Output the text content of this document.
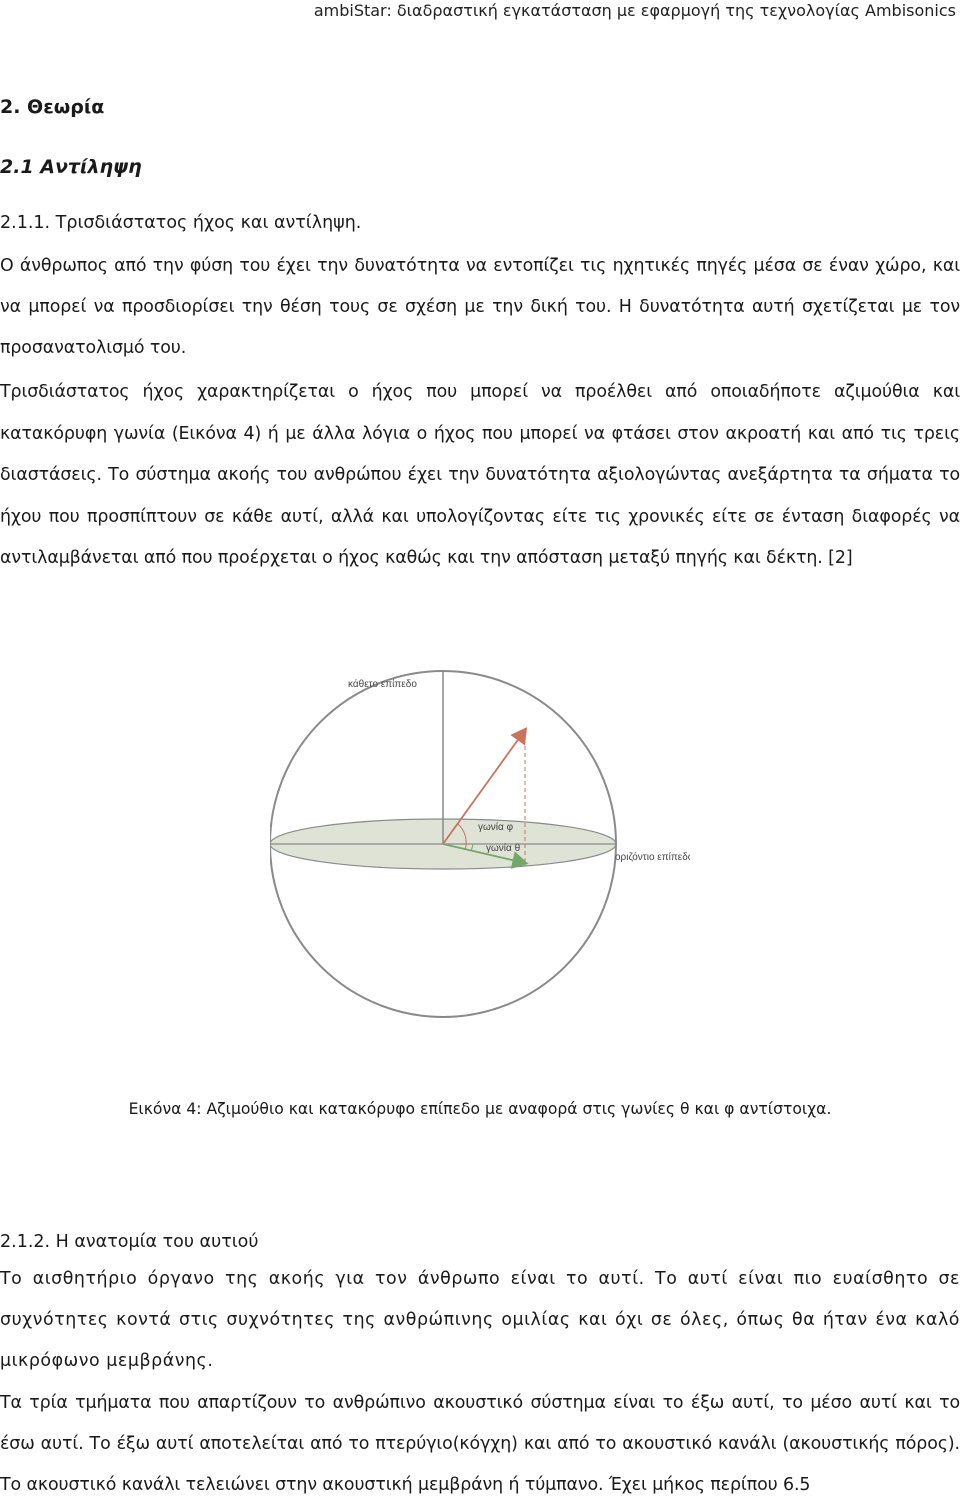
ambiStar: διαδραστική εγκατάσταση με εφαρμογή της τεχνολογίας Ambisonics
2. Θεωρία
2.1 Αντίληψη
2.1.1. Τρισδιάστατος ήχος και αντίληψη.

Ο άνθρωπος από την φύση του έχει την δυνατότητα να εντοπίζει τις ηχητικές πηγές μέσα σε έναν χώρο, και να μπορεί να προσδιορίσει την θέση τους σε σχέση με την δική του. Η δυνατότητα αυτή σχετίζεται με τον προσανατολισμό του.

Τρισδιάστατος ήχος χαρακτηρίζεται ο ήχος που μπορεί να προέλθει από οποιαδήποτε αζιμούθια και κατακόρυφη γωνία (Εικόνα 4) ή με άλλα λόγια ο ήχος που μπορεί να φτάσει στον ακροατή και από τις τρεις διαστάσεις. Το σύστημα ακοής του ανθρώπου έχει την δυνατότητα αξιολογώντας ανεξάρτητα τα σήματα το ήχου που προσπίπτουν σε κάθε αυτί, αλλά και υπολογίζοντας είτε τις χρονικές είτε σε ένταση διαφορές να αντιλαμβάνεται από που προέρχεται ο ήχος καθώς και την απόσταση μεταξύ πηγής και δέκτη. [2]

κάθετο επίπεδο
γωνία φ
γωνία θ
οριζόντιο επίπεδο
Εικόνα 4: Αζιμούθιο και κατακόρυφο επίπεδο με αναφορά στις γωνίες θ και φ αντίστοιχα.
2.1.2. Η ανατομία του αυτιού

Το αισθητήριο όργανο της ακοής για τον άνθρωπο είναι το αυτί. Το αυτί είναι πιο ευαίσθητο σε συχνότητες κοντά στις συχνότητες της ανθρώπινης ομιλίας και όχι σε όλες, όπως θα ήταν ένα καλό μικρόφωνο μεμβράνης.

Τα τρία τμήματα που απαρτίζουν το ανθρώπινο ακουστικό σύστημα είναι το έξω αυτί, το μέσο αυτί και το έσω αυτί. Το έξω αυτί αποτελείται από το πτερύγιο(κόγχη) και από το ακουστικό κανάλι (ακουστικής πόρος). Το ακουστικό κανάλι τελειώνει στην ακουστική μεμβράνη ή τύμπανο. Έχει μήκος περίπου 6.5
